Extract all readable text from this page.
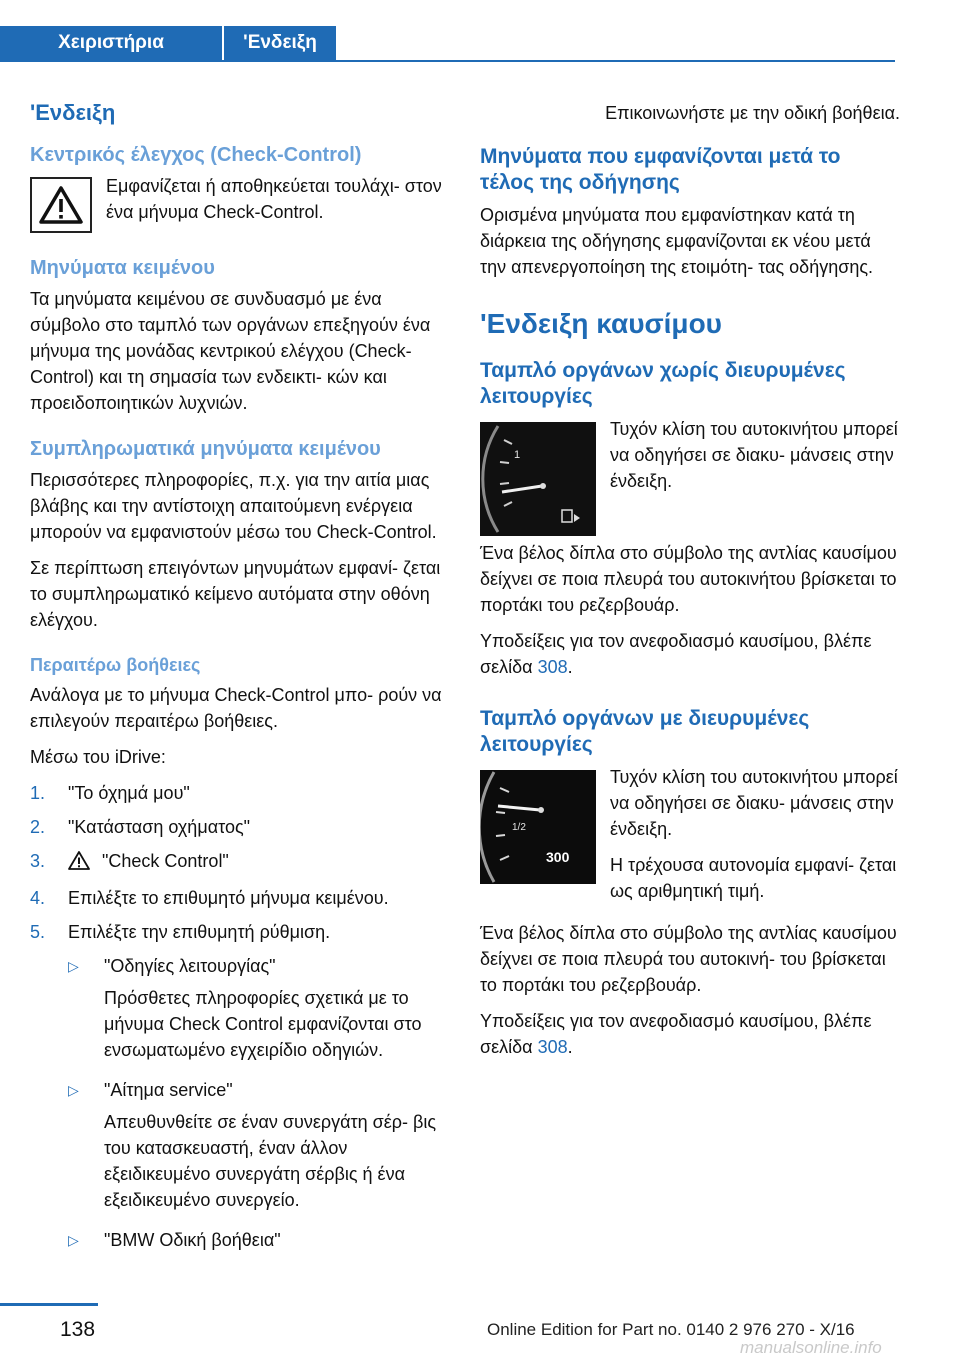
Χειριστήρια	'Ενδειξη
'Ενδειξη
Κεντρικός έλεγχος (Check-Control)

Εμφανίζεται ή αποθηκεύεται τουλάχι‐ στον ένα μήνυμα Check-Control.

Μηνύματα κειμένου

Τα μηνύματα κειμένου σε συνδυασμό με ένα σύμβολο στο ταμπλό των οργάνων επεξηγούν ένα μήνυμα της μονάδας κεντρικού ελέγχου (Check-Control) και τη σημασία των ενδεικτι‐ κών και προειδοποιητικών λυχνιών.

Συμπληρωματικά μηνύματα κειμένου

Περισσότερες πληροφορίες, π.χ. για την αιτία μιας βλάβης και την αντίστοιχη απαιτούμενη ενέργεια μπορούν να εμφανιστούν μέσω του Check-Control.

Σε περίπτωση επειγόντων μηνυμάτων εμφανί‐ ζεται το συμπληρωματικό κείμενο αυτόματα στην οθόνη ελέγχου.

Περαιτέρω βοήθειες

Ανάλογα με το μήνυμα Check-Control μπο‐ ρούν να επιλεγούν περαιτέρω βοήθειες.

Μέσω του iDrive:

1. "Το όχημά μου"
2. "Κατάσταση οχήματος"
3.	"Check Control"
4. Επιλέξτε το επιθυμητό μήνυμα κειμένου.
5. Επιλέξτε την επιθυμητή ρύθμιση.
▷ "Οδηγίες λειτουργίας"

Πρόσθετες πληροφορίες σχετικά με το μήνυμα Check Control εμφανίζονται στο ενσωματωμένο εγχειρίδιο οδηγιών.

▷ "Αίτημα service"

Απευθυνθείτε σε έναν συνεργάτη σέρ‐ βις του κατασκευαστή, έναν άλλον εξειδικευμένο συνεργάτη σέρβις ή ένα εξειδικευμένο συνεργείο.

▷ "BMW Οδική βοήθεια"

Επικοινωνήστε με την οδική βοήθεια.

Μηνύματα που εμφανίζονται μετά το τέλος της οδήγησης

Ορισμένα μηνύματα που εμφανίστηκαν κατά τη διάρκεια της οδήγησης εμφανίζονται εκ νέου μετά την απενεργοποίηση της ετοιμότη‐ τας οδήγησης.

'Ενδειξη καυσίμου
Ταμπλό οργάνων χωρίς διευρυμένες λειτουργίες
1

Τυχόν κλίση του αυτοκινήτου μπορεί να οδηγήσει σε διακυ‐ μάνσεις στην ένδειξη.

Ένα βέλος δίπλα στο σύμβολο της αντλίας καυσίμου δείχνει σε ποια πλευρά του αυτοκινήτου βρίσκεται το πορτάκι του ρεζερβουάρ.

Υποδείξεις για τον ανεφοδιασμό καυσίμου, βλέπε σελίδα 308.

Ταμπλό οργάνων με διευρυμένες λειτουργίες
1/2
300

Τυχόν κλίση του αυτοκινήτου μπορεί να οδηγήσει σε διακυ‐ μάνσεις στην ένδειξη.

Η τρέχουσα αυτονομία εμφανί‐ ζεται ως αριθμητική τιμή.

Ένα βέλος δίπλα στο σύμβολο της αντλίας καυσίμου δείχνει σε ποια πλευρά του αυτοκινή‐ του βρίσκεται το πορτάκι του ρεζερβουάρ.

Υποδείξεις για τον ανεφοδιασμό καυσίμου, βλέπε σελίδα 308.

138	Online Edition for Part no. 0140 2 976 270 - X/16
manualsonline.info
